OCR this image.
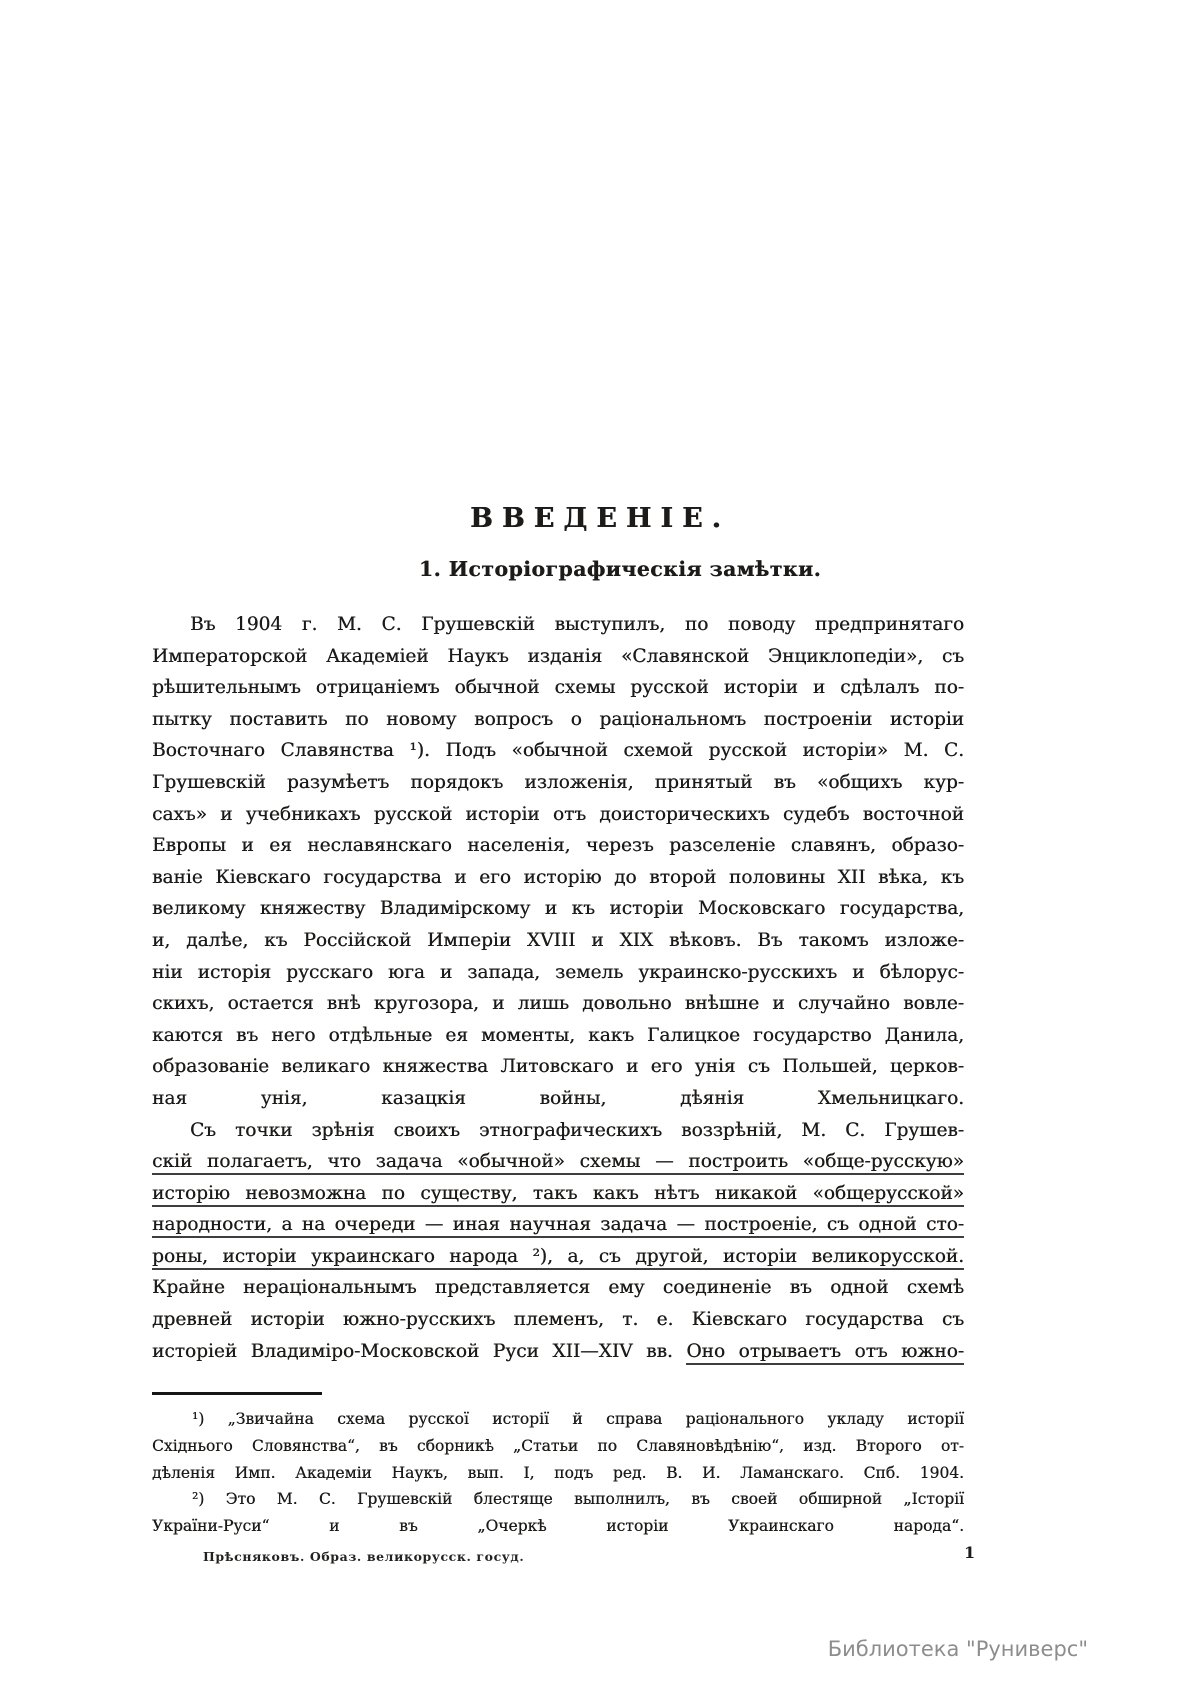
ВВЕДЕНІЕ.
1. Исторіографическія замѣтки.
Въ 1904 г. М. С. Грушевскій выступилъ, по поводу предпринятаго
Императорской Академіей Наукъ изданія «Славянской Энциклопедіи», съ
рѣшительнымъ отрицаніемъ обычной схемы русской исторіи и сдѣлалъ по-
пытку поставить по новому вопросъ о раціональномъ построеніи исторіи
Восточнаго Славянства ¹). Подъ «обычной схемой русской исторіи» М. С.
Грушевскій разумѣетъ порядокъ изложенія, принятый въ «общихъ кур-
сахъ» и учебникахъ русской исторіи отъ доисторическихъ судебъ восточной
Европы и ея неславянскаго населенія, черезъ разселеніе славянъ, образо-
ваніе Кіевскаго государства и его исторію до второй половины XII вѣка, къ
великому княжеству Владимірскому и къ исторіи Московскаго государства,
и, далѣе, къ Россійской Имперіи XVIII и XIX вѣковъ. Въ такомъ изложе-
ніи исторія русскаго юга и запада, земель украинско-русскихъ и бѣлорус-
скихъ, остается внѣ кругозора, и лишь довольно внѣшне и случайно вовле-
каются въ него отдѣльные ея моменты, какъ Галицкое государство Данила,
образованіе великаго княжества Литовскаго и его унія съ Польшей, церков-
ная унія, казацкія войны, дѣянія Хмельницкаго.
Съ точки зрѣнія своихъ этнографическихъ воззрѣній, М. С. Грушев-
скій полагаетъ, что задача «обычной» схемы — построить «обще-русскую»
исторію невозможна по существу, такъ какъ нѣтъ никакой «общерусской»
народности, а на очереди — иная научная задача — построеніе, съ одной сто-
роны, исторіи украинскаго народа ²), а, съ другой, исторіи великорусской.
Крайне нераціональнымъ представляется ему соединеніе въ одной схемѣ
древней исторіи южно-русскихъ племенъ, т. е. Кіевскаго государства съ
исторіей Владиміро-Московской Руси XII—XIV вв. Оно отрываетъ отъ южно-
¹) „Звичайна схема русскої исторії й справа раціонального укладу исторії
Східнього Словянства“, въ сборникѣ „Статьи по Славяновѣдѣнію“, изд. Второго от-
дѣленія Имп. Академіи Наукъ, вып. I, подъ ред. В. И. Ламанскаго. Спб. 1904.
²) Это М. С. Грушевскій блестяще выполнилъ, въ своей обширной „Історії
України-Руси“ и въ „Очеркѣ исторіи Украинскаго народа“.
Прѣсняковъ. Образ. великорусск. госуд.	1
Библиотека "Руниверс"
